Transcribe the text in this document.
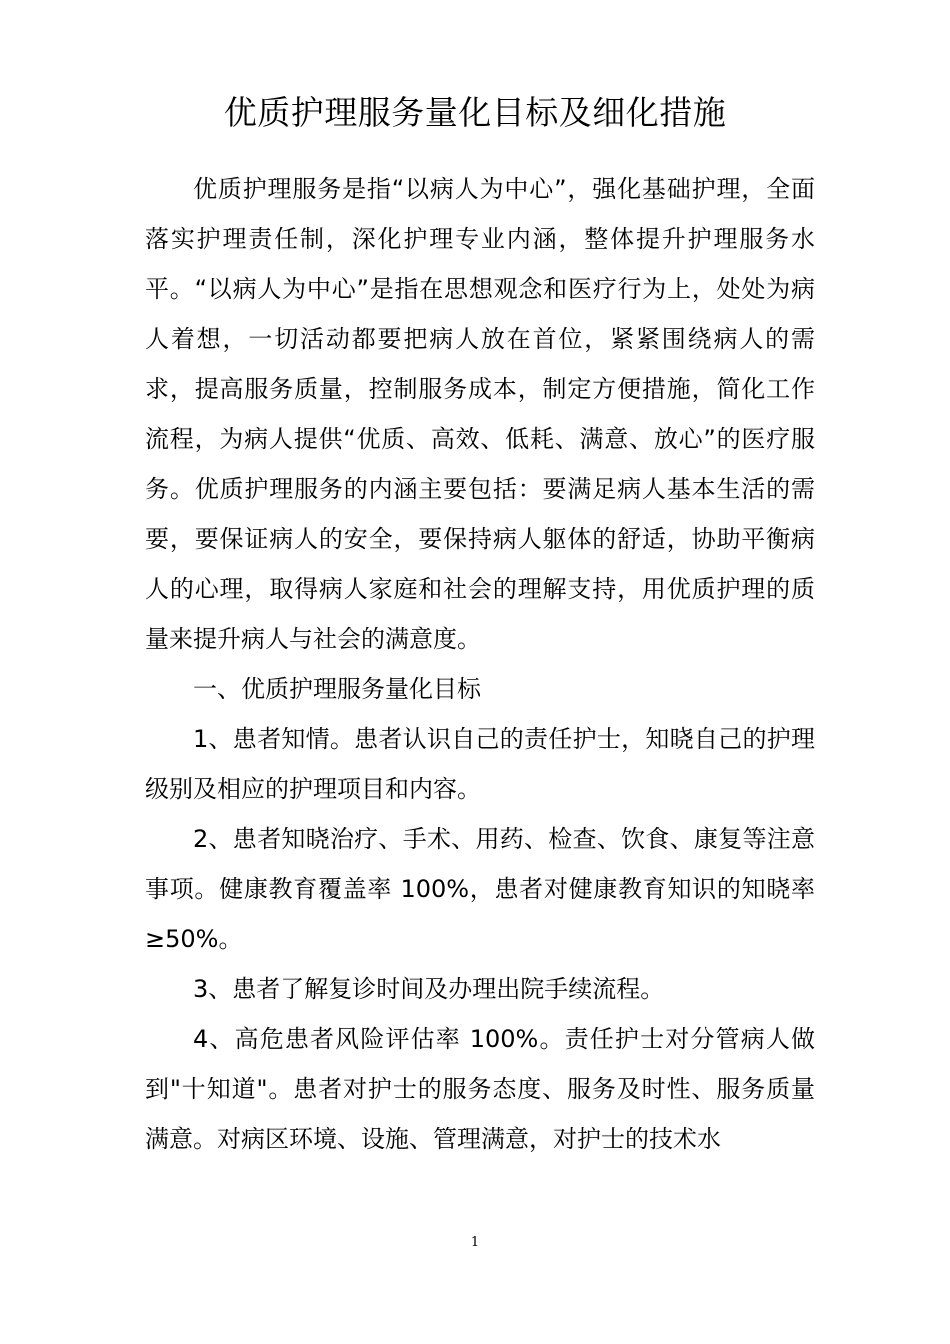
优质护理服务量化目标及细化措施

优质护理服务是指“以病人为中心”，强化基础护理，全面落实护理责任制，深化护理专业内涵，整体提升护理服务水平。“以病人为中心”是指在思想观念和医疗行为上，处处为病人着想，一切活动都要把病人放在首位，紧紧围绕病人的需求，提高服务质量，控制服务成本，制定方便措施，简化工作流程，为病人提供“优质、高效、低耗、满意、放心”的医疗服务。优质护理服务的内涵主要包括：要满足病人基本生活的需要，要保证病人的安全，要保持病人躯体的舒适，协助平衡病人的心理，取得病人家庭和社会的理解支持，用优质护理的质量来提升病人与社会的满意度。

一、优质护理服务量化目标

1、患者知情。患者认识自己的责任护士，知晓自己的护理级别及相应的护理项目和内容。

2、患者知晓治疗、手术、用药、检查、饮食、康复等注意事项。健康教育覆盖率 100%，患者对健康教育知识的知晓率≥50%。

3、患者了解复诊时间及办理出院手续流程。

4、高危患者风险评估率 100%。责任护士对分管病人做到"十知道"。患者对护士的服务态度、服务及时性、服务质量满意。对病区环境、设施、管理满意，对护士的技术水

1
